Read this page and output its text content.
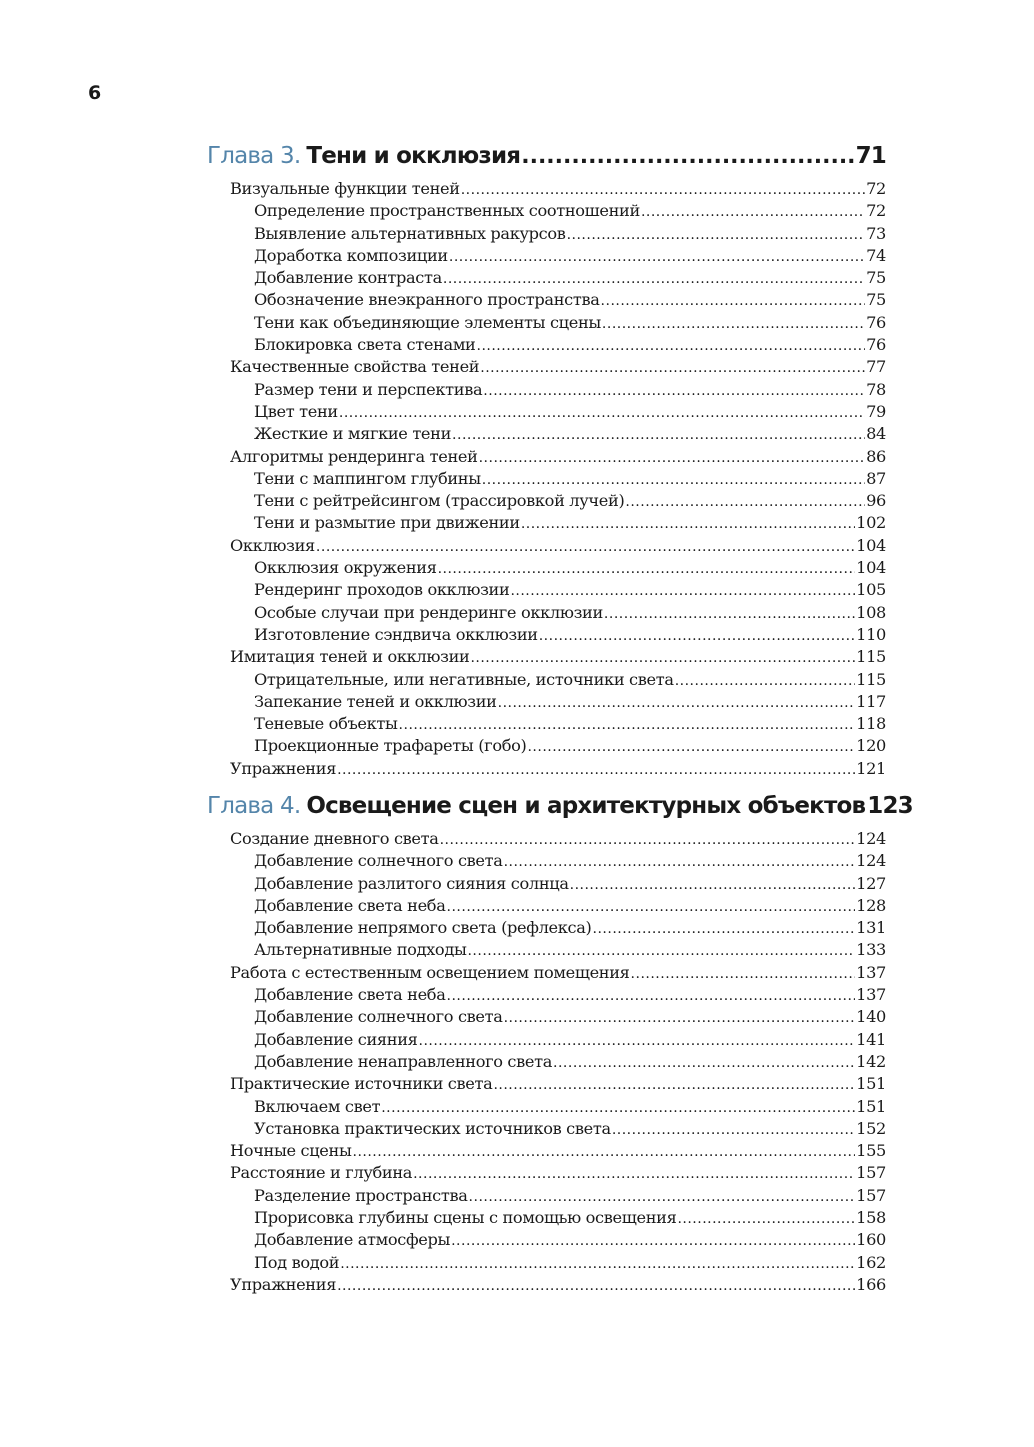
6
Глава 3. Тени и окклюзия .....	71
Визуальные функции теней .....	72
Определение пространственных соотношений .....	72
Выявление альтернативных ракурсов .....	73
Доработка композиции .....	74
Добавление контраста .....	75
Обозначение внеэкранного пространства .....	75
Тени как объединяющие элементы сцены .....	76
Блокировка света стенами .....	76
Качественные свойства теней .....	77
Размер тени и перспектива .....	78
Цвет тени .....	79
Жесткие и мягкие тени .....	84
Алгоритмы рендеринга теней .....	86
Тени с маппингом глубины .....	87
Тени с рейтрейсингом (трассировкой лучей) .....	96
Тени и размытие при движении .....	102
Окклюзия .....	104
Окклюзия окружения .....	104
Рендеринг проходов окклюзии .....	105
Особые случаи при рендеринге окклюзии .....	108
Изготовление сэндвича окклюзии .....	110
Имитация теней и окклюзии .....	115
Отрицательные, или негативные, источники света .....	115
Запекание теней и окклюзии .....	117
Теневые объекты .....	118
Проекционные трафареты (гобо) .....	120
Упражнения .....	121
Глава 4. Освещение сцен и архитектурных объектов 123
Создание дневного света .....	124
Добавление солнечного света .....	124
Добавление разлитого сияния солнца .....	127
Добавление света неба .....	128
Добавление непрямого света (рефлекса) .....	131
Альтернативные подходы .....	133
Работа с естественным освещением помещения .....	137
Добавление света неба .....	137
Добавление солнечного света .....	140
Добавление сияния .....	141
Добавление ненаправленного света .....	142
Практические источники света .....	151
Включаем свет .....	151
Установка практических источников света .....	152
Ночные сцены .....	155
Расстояние и глубина .....	157
Разделение пространства .....	157
Прорисовка глубины сцены с помощью освещения .....	158
Добавление атмосферы .....	160
Под водой .....	162
Упражнения .....	166
